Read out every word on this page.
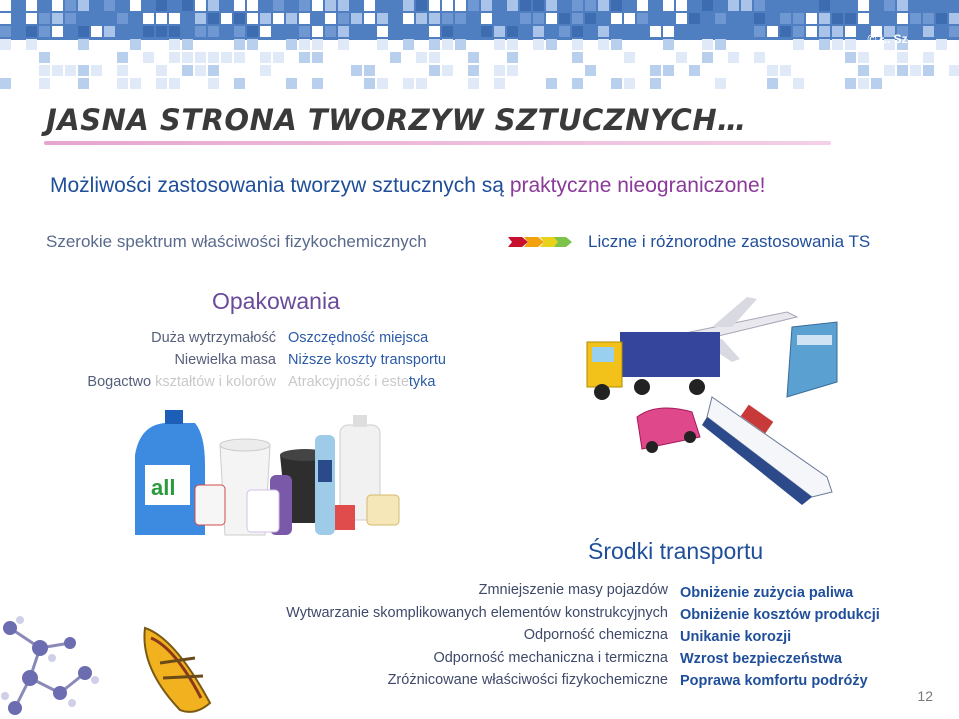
© Ł. Sz.
JASNA STRONA TWORZYW SZTUCZNYCH…
Możliwości zastosowania tworzyw sztucznych są praktyczne nieograniczone!
Szerokie spektrum właściwości fizykochemicznych	Liczne i różnorodne zastosowania TS
Opakowania
Duża wytrzymałość
Niewielka masa
Bogactwo kształtów i kolorów
Oszczędność miejsca
Niższe koszty transportu
Atrakcyjność i estetyka
all
Środki transportu
Zmniejszenie masy pojazdów
Wytwarzanie skomplikowanych elementów konstrukcyjnych
Odporność chemiczna
Odporność mechaniczna i termiczna
Zróżnicowane właściwości fizykochemiczne
Obniżenie zużycia paliwa
Obniżenie kosztów produkcji
Unikanie korozji
Wzrost bezpieczeństwa
Poprawa komfortu podróży
12
